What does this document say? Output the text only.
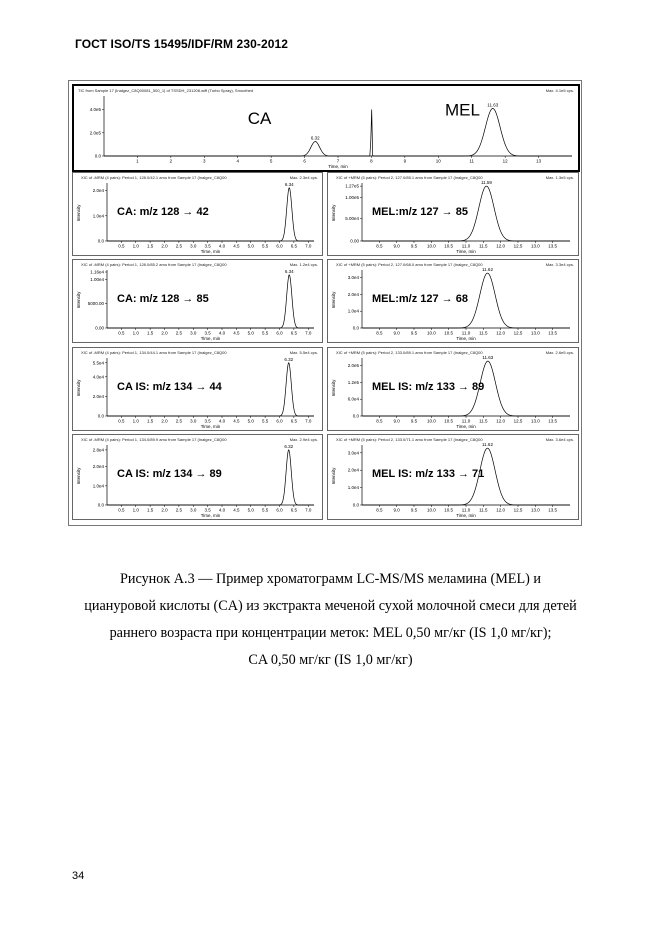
ГОСТ ISO/TS 15495/IDF/RM 230-2012
TIC from Sample 17 (Inalgez_C8Q00081_500_1) of TSSDH_231208.wiff (Turbo Spray), Smoothed	Max. 4.1e5 cps.
1	2	3	4	5	6	7	8	9	10	11	12	13
Time, min
0.0
2.0e5
4.0e5
6.32
11.63
CA	MEL
XIC of -MRM (4 pairs): Period 1, 128.0/42.1 amu from Sample 17 (Inalgez_C8Q00	Max. 2.3e4 cps.
0.5 1.0 1.5 2.0 2.5 3.0 3.5 4.0 4.5 5.0 5.5 6.0 6.5 7.0
Time, min
0.0
1.0e4
2.0e4
Intensity
6.34
CA: m/z 128 → 42
XIC of +MRM (5 pairs): Period 2, 127.0/85.1 amu from Sample 17 (Inalgez_C8Q00	Max. 1.3e5 cps.
8.5 9.0 9.5 10.0 10.5 11.0 11.5 12.0 12.5 13.0 13.5
Time, min
0.00
5.00e4
1.00e5
1.27e5
Intensity
11.59
MEL:m/z 127 → 85
XIC of -MRM (4 pairs): Period 1, 128.0/85.2 amu from Sample 17 (Inalgez_C8Q00	Max. 1.2e4 cps.
0.5 1.0 1.5 2.0 2.5 3.0 3.5 4.0 4.5 5.0 5.5 6.0 6.5 7.0
Time, min
0.00
5000.00
1.00e4
1.16e4
Intensity
6.34
CA: m/z 128 → 85
XIC of +MRM (5 pairs): Period 2, 127.0/68.0 amu from Sample 17 (Inalgez_C8Q00	Max. 3.3e4 cps.
8.5 9.0 9.5 10.0 10.5 11.0 11.5 12.0 12.5 13.0 13.5
Time, min
0.0
1.0e4
2.0e4
3.0e4
Intensity
11.62
MEL:m/z 127 → 68
XIC of -MRM (4 pairs): Period 1, 134.0/44.1 amu from Sample 17 (Inalgez_C8Q00	Max. 5.5e4 cps.
0.5 1.0 1.5 2.0 2.5 3.0 3.5 4.0 4.5 5.0 5.5 6.0 6.5 7.0
Time, min
0.0
2.0e4
4.0e4
5.5e4
Intensity
6.32
CA IS: m/z 134 → 44
XIC of +MRM (5 pairs): Period 2, 133.0/89.1 amu from Sample 17 (Inalgez_C8Q00	Max. 2.6e5 cps.
8.5 9.0 9.5 10.0 10.5 11.0 11.5 12.0 12.5 13.0 13.5
Time, min
0.0
6.0e4
1.2e5
2.0e5
Intensity
11.63
MEL IS: m/z 133 → 89
XIC of -MRM (4 pairs): Period 1, 134.0/89.9 amu from Sample 17 (Inalgez_C8Q00	Max. 2.9e4 cps.
0.5 1.0 1.5 2.0 2.5 3.0 3.5 4.0 4.5 5.0 5.5 6.0 6.5 7.0
Time, min
0.0
1.0e4
2.0e4
2.8e4
Intensity
6.32
CA IS: m/z 134 → 89
XIC of +MRM (5 pairs): Period 2, 133.0/71.1 amu from Sample 17 (Inalgez_C8Q00	Max. 3.6e4 cps.
8.5 9.0 9.5 10.0 10.5 11.0 11.5 12.0 12.5 13.0 13.5
Time, min
0.0
1.0e4
2.0e4
3.0e4
Intensity
11.62
MEL IS: m/z 133 → 71
Рисунок А.3 — Пример хроматограмм LC-MS/MS меламина (MEL) и
циануровой кислоты (CA) из экстракта меченой сухой молочной смеси для детей
раннего возраста при концентрации меток: MEL 0,50 мг/кг (IS 1,0 мг/кг);
CA 0,50 мг/кг (IS 1,0 мг/кг)
34
